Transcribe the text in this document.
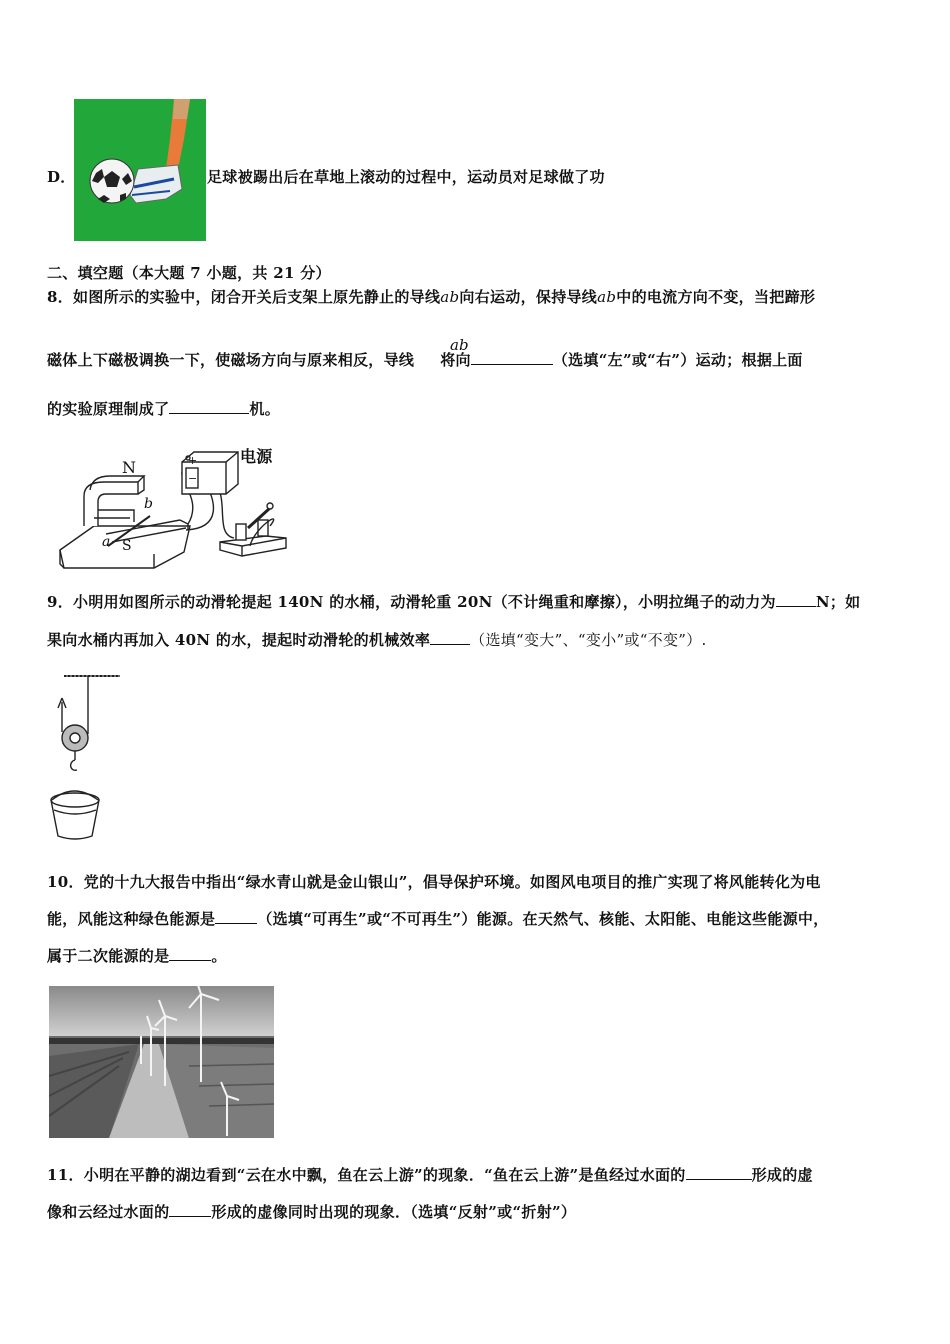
D．	足球被踢出后在草地上滚动的过程中，运动员对足球做了功
二、填空题（本大题 7 小题，共 21 分）
8．如图所示的实验中，闭合开关后支架上原先静止的导线ab向右运动，保持导线ab中的电流方向不变，当把蹄形
ab
磁体上下磁极调换一下，使磁场方向与原来相反，导线 将向	（选填“左”或“右”）运动；根据上面
的实验原理制成了	机。
电源
N
S
a
b
+
−
9．小明用如图所示的动滑轮提起 140N 的水桶，动滑轮重 20N（不计绳重和摩擦），小明拉绳子的动力为	N；如
果向水桶内再加入 40N 的水，提起时动滑轮的机械效率	（选填“变大”、“变小”或“不变”）.
10．党的十九大报告中指出“绿水青山就是金山银山”，倡导保护环境。如图风电项目的推广实现了将风能转化为电
能，风能这种绿色能源是	（选填“可再生”或“不可再生”）能源。在天然气、核能、太阳能、电能这些能源中，
属于二次能源的是	。
11．小明在平静的湖边看到“云在水中飘，鱼在云上游”的现象．“鱼在云上游”是鱼经过水面的	形成的虚
像和云经过水面的	形成的虚像同时出现的现象．（选填“反射”或“折射”）
